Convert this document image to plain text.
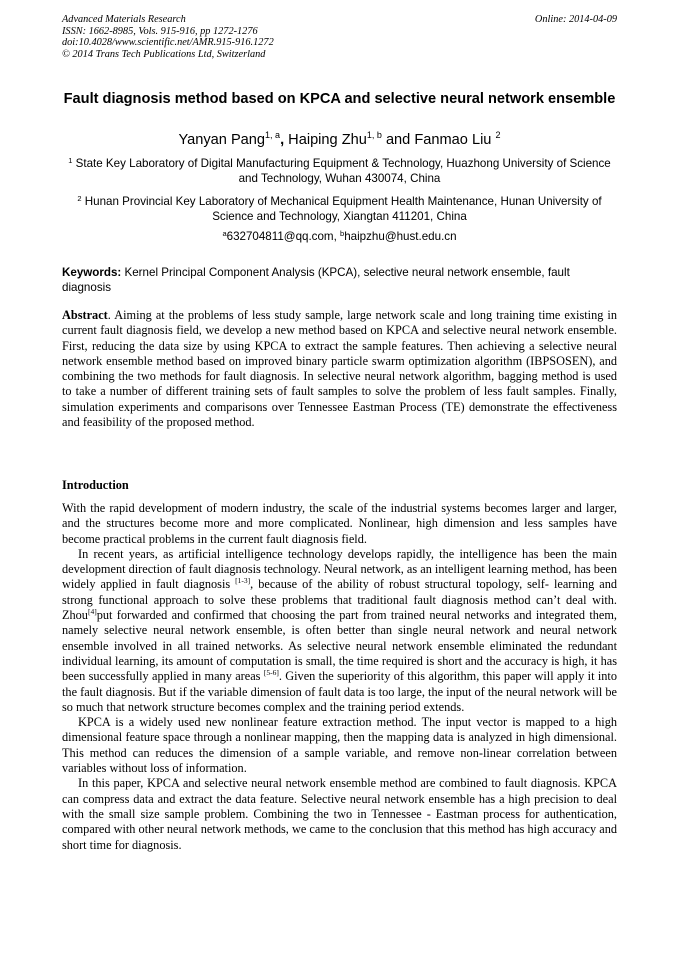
Advanced Materials Research
ISSN: 1662-8985, Vols. 915-916, pp 1272-1276
doi:10.4028/www.scientific.net/AMR.915-916.1272
© 2014 Trans Tech Publications Ltd, Switzerland
Online: 2014-04-09
Fault diagnosis method based on KPCA and selective neural network ensemble
Yanyan Pang$^{1, a}$, Haiping Zhu$^{1, b}$ and Fanmao Liu $^2$
$^1$ State Key Laboratory of Digital Manufacturing Equipment & Technology, Huazhong University of Science and Technology, Wuhan 430074, China
$^2$ Hunan Provincial Key Laboratory of Mechanical Equipment Health Maintenance, Hunan University of Science and Technology, Xiangtan 411201, China
$^a$632704811@qq.com, $^b$haipzhu@hust.edu.cn
Keywords: Kernel Principal Component Analysis (KPCA), selective neural network ensemble, fault diagnosis
Abstract. Aiming at the problems of less study sample, large network scale and long training time existing in current fault diagnosis field, we develop a new method based on KPCA and selective neural network ensemble. First, reducing the data size by using KPCA to extract the sample features. Then achieving a selective neural network ensemble method based on improved binary particle swarm optimization algorithm (IBPSOSEN), and combining the two methods for fault diagnosis. In selective neural network algorithm, bagging method is used to take a number of different training sets of fault samples to solve the problem of less fault samples. Finally, simulation experiments and comparisons over Tennessee Eastman Process (TE) demonstrate the effectiveness and feasibility of the proposed method.
Introduction

With the rapid development of modern industry, the scale of the industrial systems becomes larger and larger, and the structures become more and more complicated. Nonlinear, high dimension and less samples have become practical problems in the current fault diagnosis field.

In recent years, as artificial intelligence technology develops rapidly, the intelligence has been the main development direction of fault diagnosis technology. Neural network, as an intelligent learning method, has been widely applied in fault diagnosis [1-3], because of the ability of robust structural topology, self- learning and strong functional approach to solve these problems that traditional fault diagnosis method can’t deal with. Zhou[4]put forwarded and confirmed that choosing the part from trained neural networks and integrated them, namely selective neural network ensemble, is often better than single neural network and neural network ensemble involved in all trained networks. As selective neural network ensemble eliminated the redundant individual learning, its amount of computation is small, the time required is short and the accuracy is high, it has been successfully applied in many areas [5-6]. Given the superiority of this algorithm, this paper will apply it into the fault diagnosis. But if the variable dimension of fault data is too large, the input of the neural network will be so much that network structure becomes complex and the training period extends.

KPCA is a widely used new nonlinear feature extraction method. The input vector is mapped to a high dimensional feature space through a nonlinear mapping, then the mapping data is analyzed in high dimensional. This method can reduces the dimension of a sample variable, and remove non-linear correlation between variables without loss of information.

In this paper, KPCA and selective neural network ensemble method are combined to fault diagnosis. KPCA can compress data and extract the data feature. Selective neural network ensemble has a high precision to deal with the small size sample problem. Combining the two in Tennessee - Eastman process for authentication, compared with other neural network methods, we came to the conclusion that this method has high accuracy and short time for diagnosis.
